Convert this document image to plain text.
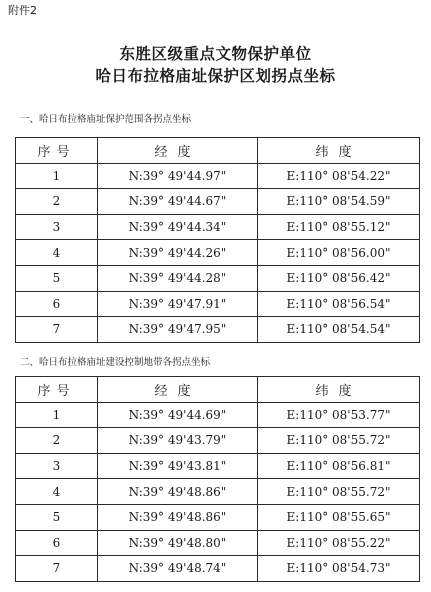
附件2
东胜区级重点文物保护单位
哈日布拉格庙址保护区划拐点坐标
一、哈日布拉格庙址保护范围各拐点坐标
序号	经度	纬度
1	N:39° 49'44.97"	E:110° 08'54.22"
2	N:39° 49'44.67"	E:110° 08'54.59"
3	N:39° 49'44.34"	E:110° 08'55.12"
4	N:39° 49'44.26"	E:110° 08'56.00"
5	N:39° 49'44.28"	E:110° 08'56.42"
6	N:39° 49'47.91"	E:110° 08'56.54"
7	N:39° 49'47.95"	E:110° 08'54.54"
二、哈日布拉格庙址建设控制地带各拐点坐标
序号	经度	纬度
1	N:39° 49'44.69"	E:110° 08'53.77"
2	N:39° 49'43.79"	E:110° 08'55.72"
3	N:39° 49'43.81"	E:110° 08'56.81"
4	N:39° 49'48.86"	E:110° 08'55.72"
5	N:39° 49'48.86"	E:110° 08'55.65"
6	N:39° 49'48.80"	E:110° 08'55.22"
7	N:39° 49'48.74"	E:110° 08'54.73"
